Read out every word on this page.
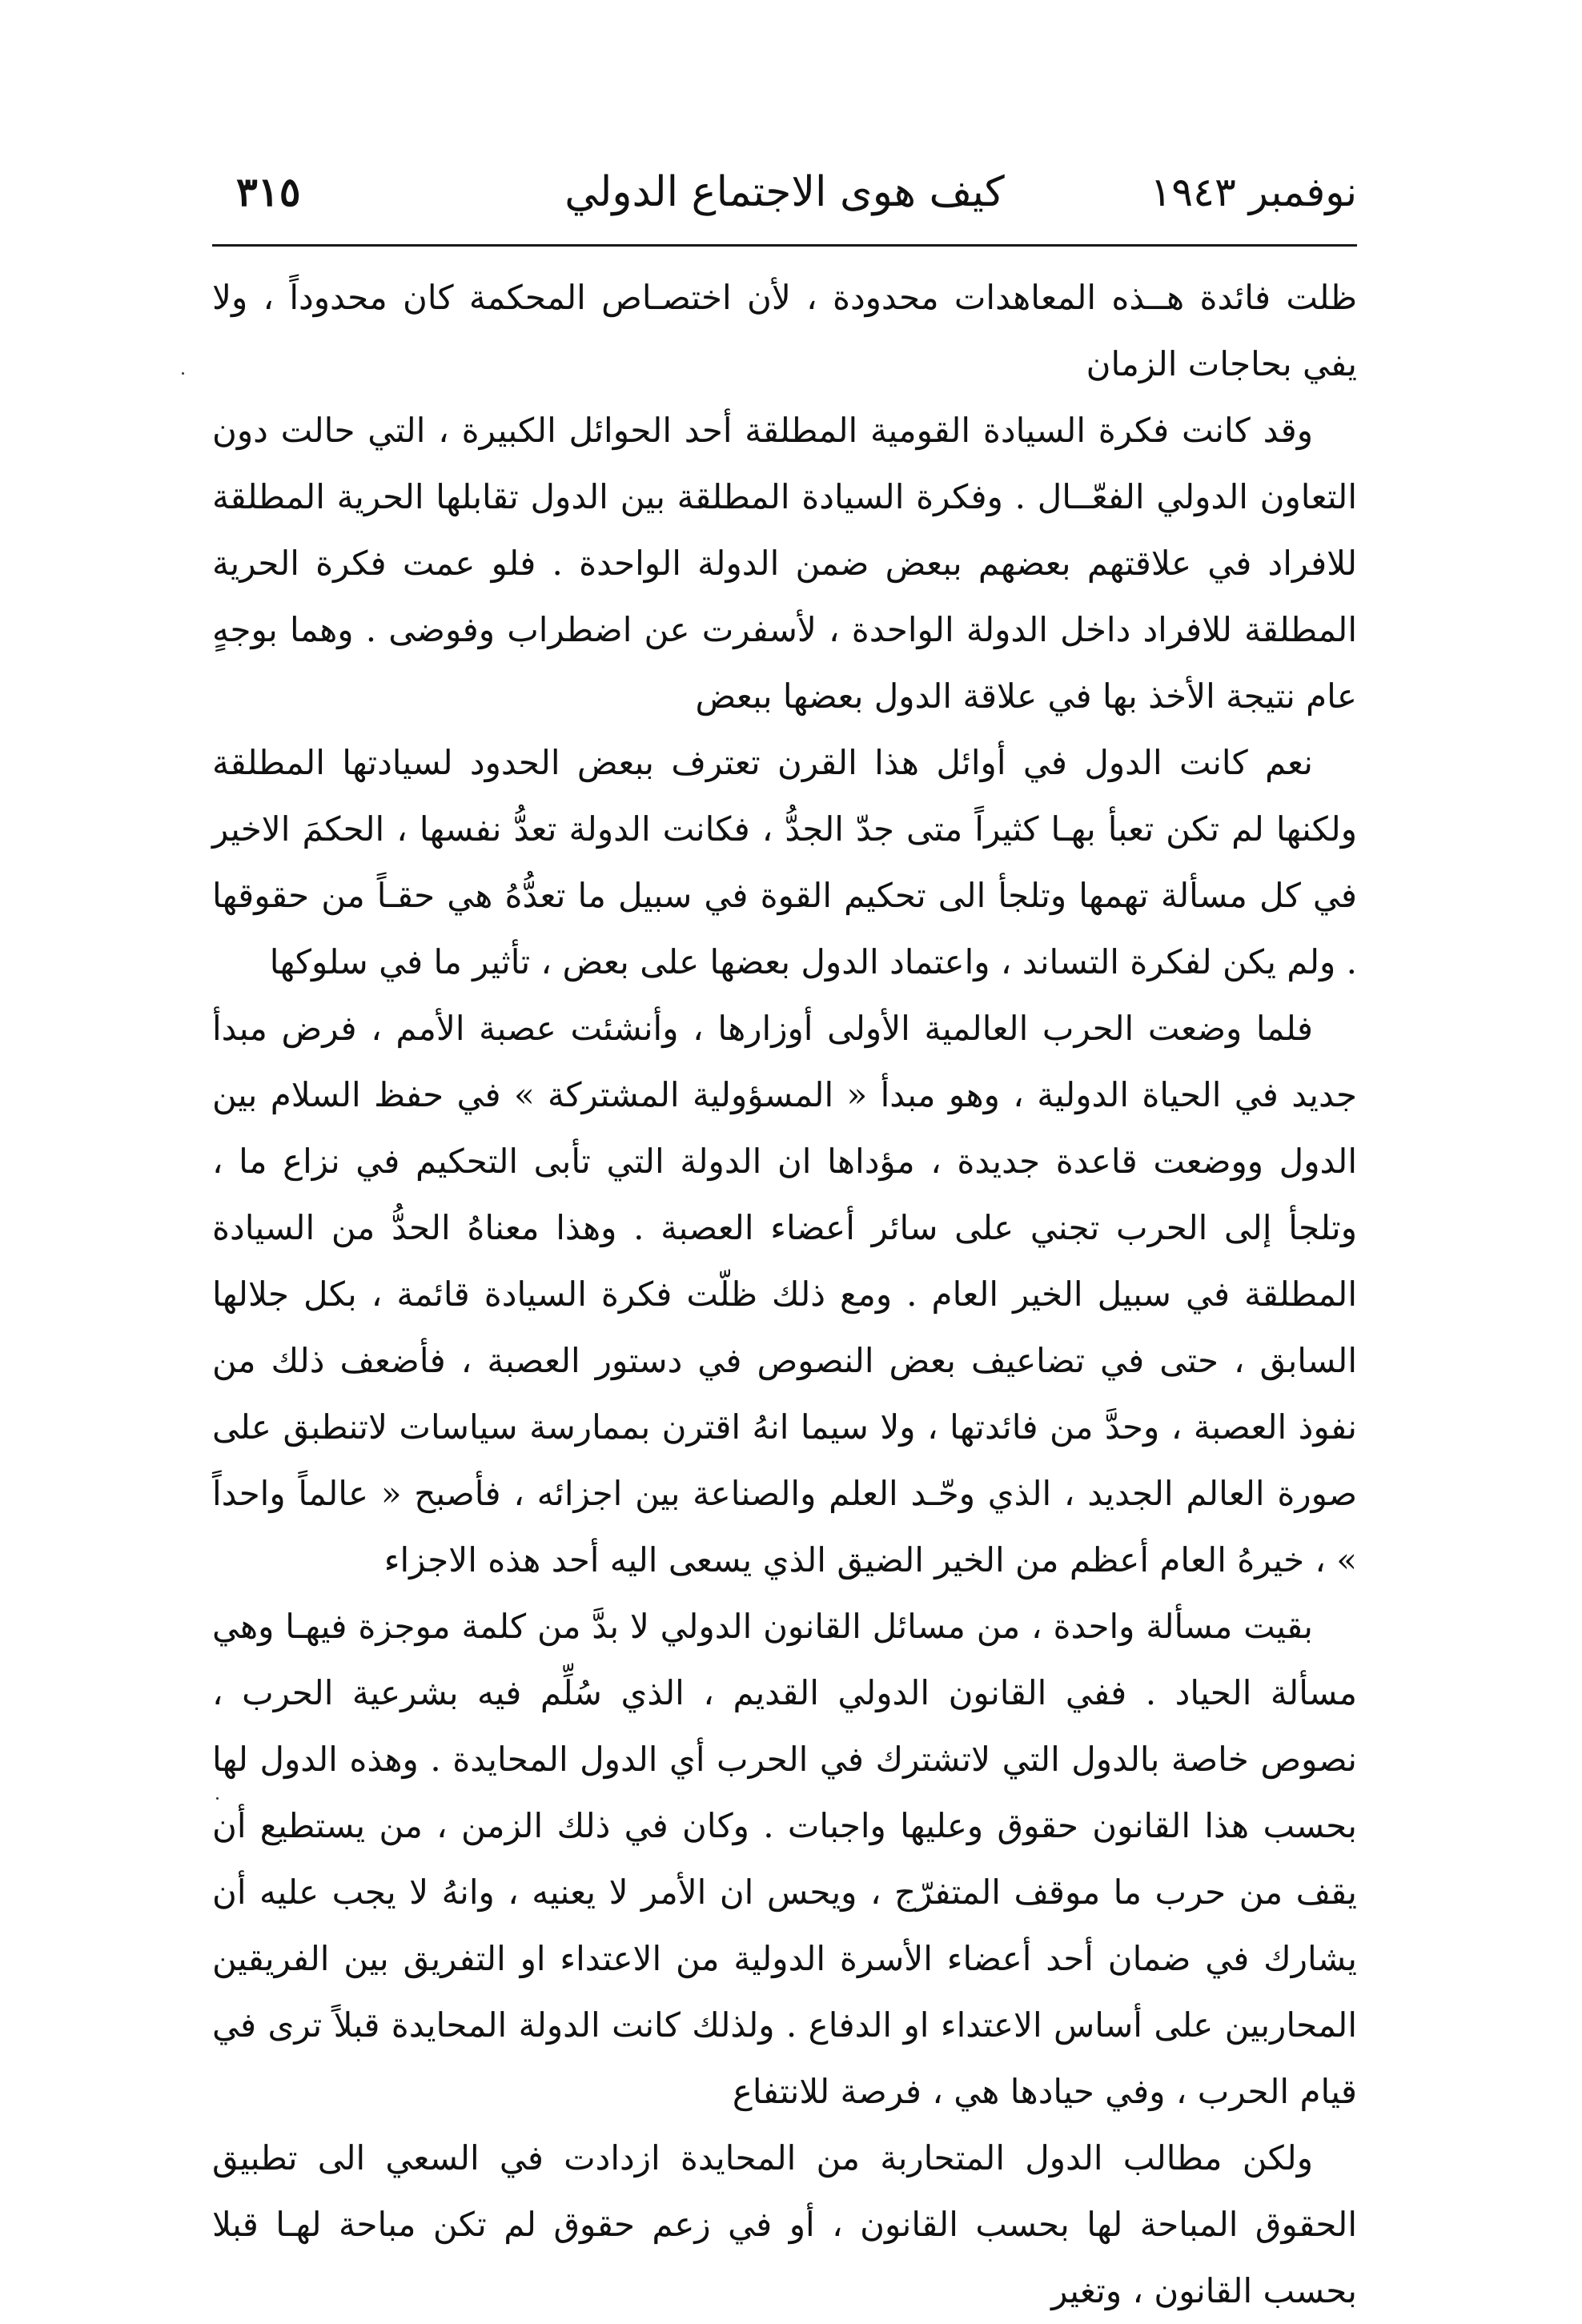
نوفمبر ١٩٤٣
كيف هوى الاجتماع الدولي
٣١٥

ظلت فائدة هــذه المعاهدات محدودة ، لأن اختصـاص المحكمة كان محدوداً ، ولا يفي بحاجات الزمان

وقد كانت فكرة السيادة القومية المطلقة أحد الحوائل الكبيرة ، التي حالت دون التعاون الدولي الفعّــال . وفكرة السيادة المطلقة بين الدول تقابلها الحرية المطلقة للافراد في علاقتهم بعضهم ببعض ضمن الدولة الواحدة . فلو عمت فكرة الحرية المطلقة للافراد داخل الدولة الواحدة ، لأسفرت عن اضطراب وفوضى . وهما بوجهٍ عام نتيجة الأخذ بها في علاقة الدول بعضها ببعض

نعم كانت الدول في أوائل هذا القرن تعترف ببعض الحدود لسيادتها المطلقة ولكنها لم تكن تعبأ بهـا كثيراً متى جدّ الجدُّ ، فكانت الدولة تعدُّ نفسها ، الحكمَ الاخير في كل مسألة تهمها وتلجأ الى تحكيم القوة في سبيل ما تعدُّهُ هي حقـاً من حقوقها . ولم يكن لفكرة التساند ، واعتماد الدول بعضها على بعض ، تأثير ما في سلوكها

فلما وضعت الحرب العالمية الأولى أوزارها ، وأنشئت عصبة الأمم ، فرض مبدأ جديد في الحياة الدولية ، وهو مبدأ « المسؤولية المشتركة » في حفظ السلام بين الدول ووضعت قاعدة جديدة ، مؤداها ان الدولة التي تأبى التحكيم في نزاع ما ، وتلجأ إلى الحرب تجني على سائر أعضاء العصبة . وهذا معناهُ الحدُّ من السيادة المطلقة في سبيل الخير العام . ومع ذلك ظلّت فكرة السيادة قائمة ، بكل جلالها السابق ، حتى في تضاعيف بعض النصوص في دستور العصبة ، فأضعف ذلك من نفوذ العصبة ، وحدَّ من فائدتها ، ولا سيما انهُ اقترن بممارسة سياسات لاتنطبق على صورة العالم الجديد ، الذي وحّـد العلم والصناعة بين اجزائه ، فأصبح « عالماً واحداً » ، خيرهُ العام أعظم من الخير الضيق الذي يسعى اليه أحد هذه الاجزاء

بقيت مسألة واحدة ، من مسائل القانون الدولي لا بدَّ من كلمة موجزة فيهـا وهي مسألة الحياد . ففي القانون الدولي القديم ، الذي سُلِّم فيه بشرعية الحرب ، نصوص خاصة بالدول التي لاتشترك في الحرب أي الدول المحايدة . وهذه الدول لها بحسب هذا القانون حقوق وعليها واجبات . وكان في ذلك الزمن ، من يستطيع أن يقف من حرب ما موقف المتفرّج ، ويحس ان الأمر لا يعنيه ، وانهُ لا يجب عليه أن يشارك في ضمان أحد أعضاء الأسرة الدولية من الاعتداء او التفريق بين الفريقين المحاربين على أساس الاعتداء او الدفاع . ولذلك كانت الدولة المحايدة قبلاً ترى في قيام الحرب ، وفي حيادها هي ، فرصة للانتفاع

ولكن مطالب الدول المتحاربة من المحايدة ازدادت في السعي الى تطبيق الحقوق المباحة لها بحسب القانون ، أو في زعم حقوق لم تكن مباحة لهـا قبلا بحسب القانون ، وتغير
